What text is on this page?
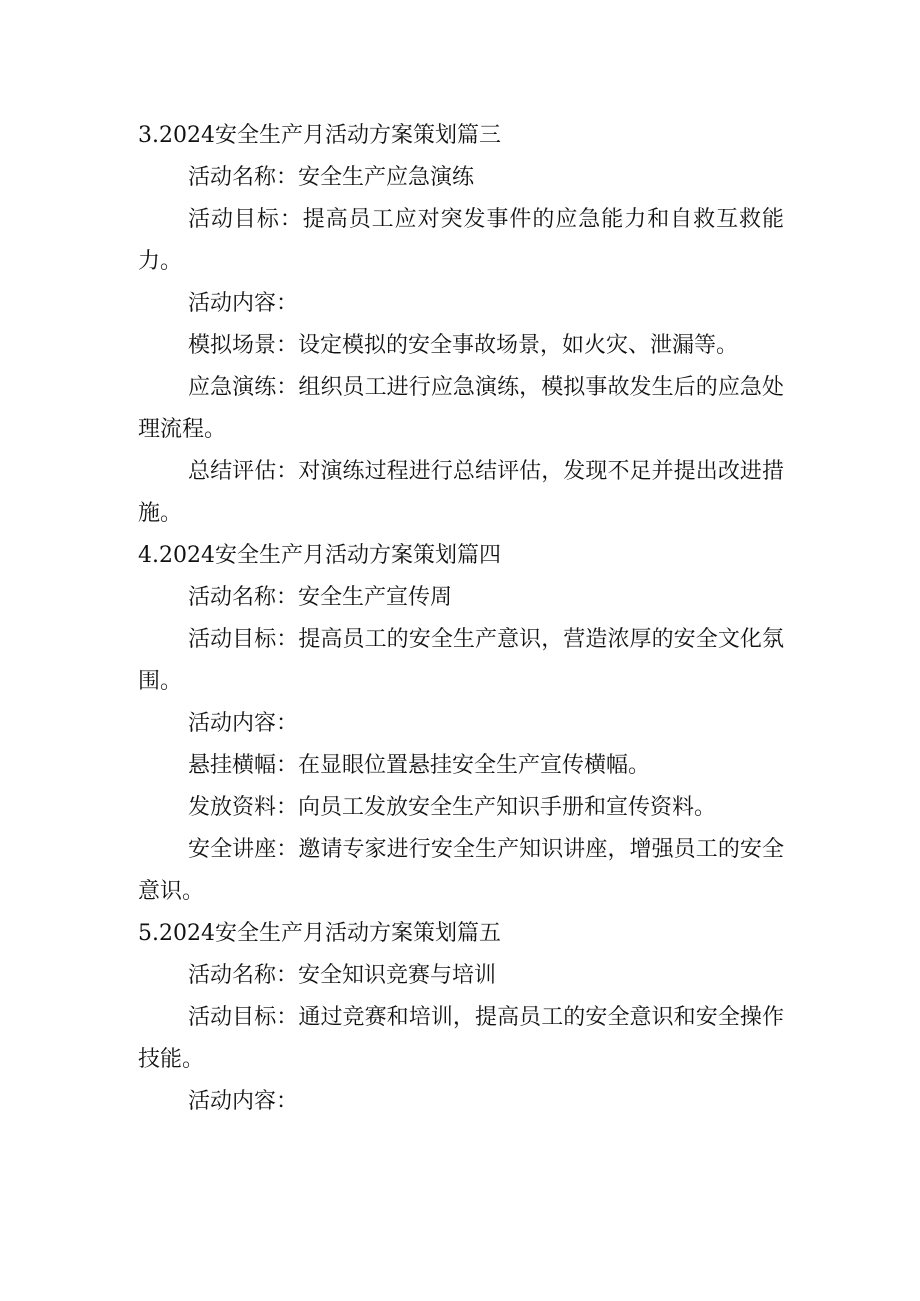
3.2024安全生产月活动方案策划篇三

活动名称：安全生产应急演练

活动目标：提高员工应对突发事件的应急能力和自救互救能力。

活动内容：

模拟场景：设定模拟的安全事故场景，如火灾、泄漏等。

应急演练：组织员工进行应急演练，模拟事故发生后的应急处理流程。

总结评估：对演练过程进行总结评估，发现不足并提出改进措施。

4.2024安全生产月活动方案策划篇四

活动名称：安全生产宣传周

活动目标：提高员工的安全生产意识，营造浓厚的安全文化氛围。

活动内容：

悬挂横幅：在显眼位置悬挂安全生产宣传横幅。

发放资料：向员工发放安全生产知识手册和宣传资料。

安全讲座：邀请专家进行安全生产知识讲座，增强员工的安全意识。

5.2024安全生产月活动方案策划篇五

活动名称：安全知识竞赛与培训

活动目标：通过竞赛和培训，提高员工的安全意识和安全操作技能。

活动内容：
